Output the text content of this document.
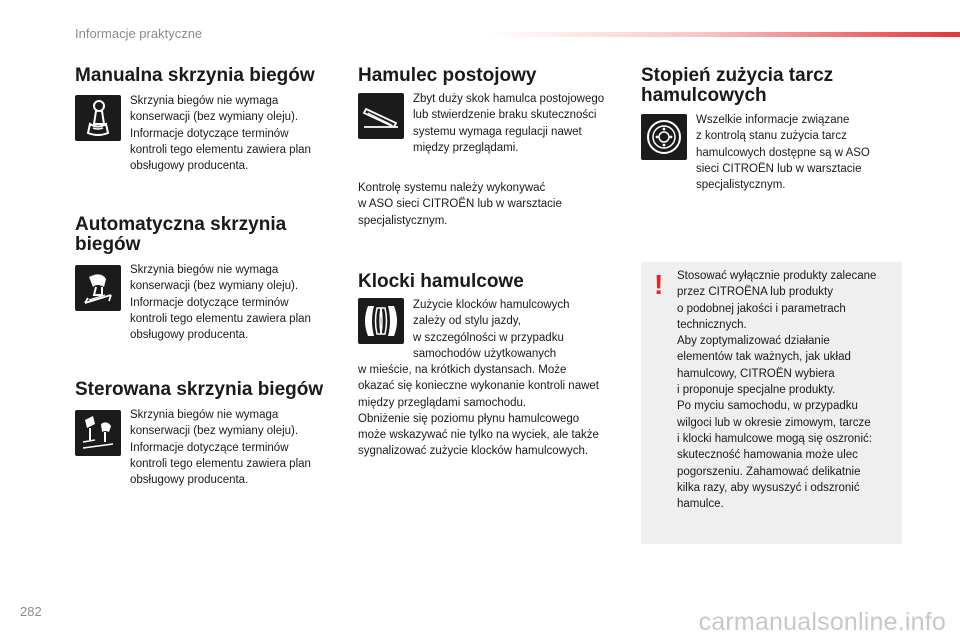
Informacje praktyczne
Manualna skrzynia biegów

Skrzynia biegów nie wymaga
konserwacji (bez wymiany oleju).
Informacje dotyczące terminów
kontroli tego elementu zawiera plan
obsługowy producenta.

Automatyczna skrzynia
biegów

Skrzynia biegów nie wymaga
konserwacji (bez wymiany oleju).
Informacje dotyczące terminów
kontroli tego elementu zawiera plan
obsługowy producenta.

Sterowana skrzynia biegów

Skrzynia biegów nie wymaga
konserwacji (bez wymiany oleju).
Informacje dotyczące terminów
kontroli tego elementu zawiera plan
obsługowy producenta.

Hamulec postojowy

Zbyt duży skok hamulca postojowego
lub stwierdzenie braku skuteczności
systemu wymaga regulacji nawet
między przeglądami.

Kontrolę systemu należy wykonywać
w ASO sieci CITROËN lub w warsztacie
specjalistycznym.

Klocki hamulcowe

Zużycie klocków hamulcowych
zależy od stylu jazdy,
w szczególności w przypadku
samochodów użytkowanych

w mieście, na krótkich dystansach. Może
okazać się konieczne wykonanie kontroli nawet
między przeglądami samochodu.
Obniżenie się poziomu płynu hamulcowego
może wskazywać nie tylko na wyciek, ale także
sygnalizować zużycie klocków hamulcowych.

Stopień zużycia tarcz
hamulcowych

Wszelkie informacje związane
z kontrolą stanu zużycia tarcz
hamulcowych dostępne są w ASO
sieci CITROËN lub w warsztacie
specjalistycznym.

! Stosować wyłącznie produkty zalecane
przez CITROËNA lub produkty
o podobnej jakości i parametrach
technicznych.
Aby zoptymalizować działanie
elementów tak ważnych, jak układ
hamulcowy, CITROËN wybiera
i proponuje specjalne produkty.
Po myciu samochodu, w przypadku
wilgoci lub w okresie zimowym, tarcze
i klocki hamulcowe mogą się oszronić:
skuteczność hamowania może ulec
pogorszeniu. Zahamować delikatnie
kilka razy, aby wysuszyć i odszronić
hamulce.

282	carmanualsonline.info
